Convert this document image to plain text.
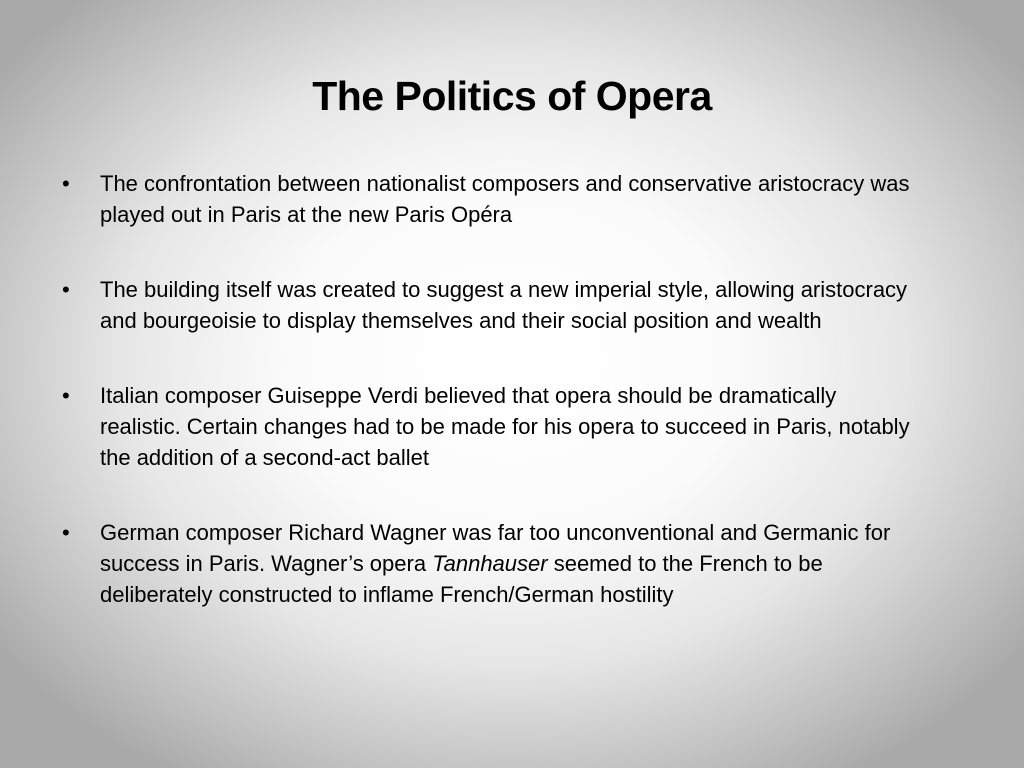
The Politics of Opera
•	The confrontation between nationalist composers and conservative aristocracy was played out in Paris at the new Paris Opéra
•	The building itself was created to suggest a new imperial style, allowing aristocracy and bourgeoisie to display themselves and their social position and wealth
•	Italian composer Guiseppe Verdi believed that opera should be dramatically realistic. Certain changes had to be made for his opera to succeed in Paris, notably the addition of a second-act ballet
•	German composer Richard Wagner was far too unconventional and Germanic for success in Paris. Wagner’s opera Tannhauser seemed to the French to be deliberately constructed to inflame French/German hostility
